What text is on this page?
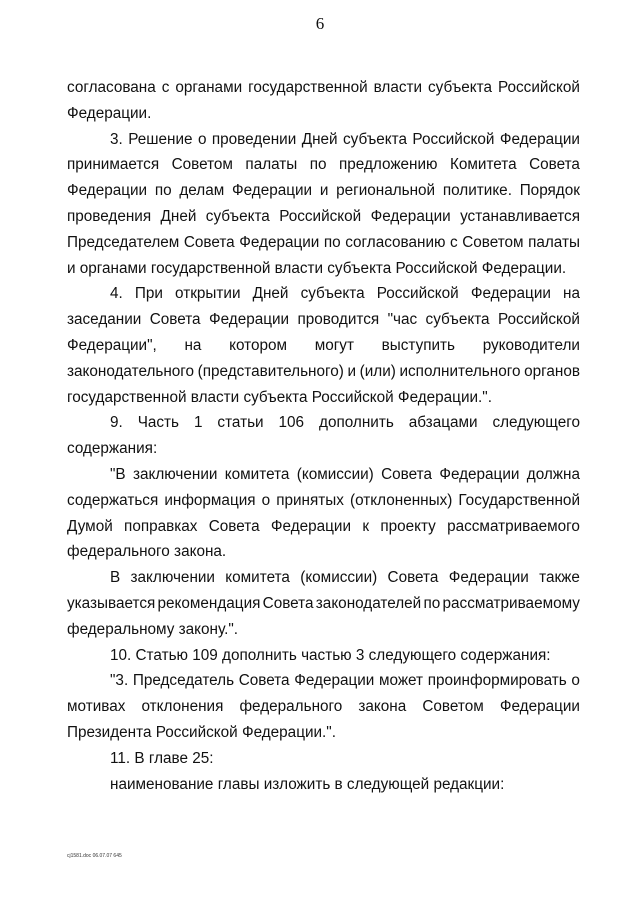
6
согласована с органами государственной власти субъекта Российской
Федерации.
3. Решение о проведении Дней субъекта Российской Федерации
принимается Советом палаты по предложению Комитета Совета
Федерации по делам Федерации и региональной политике. Порядок
проведения Дней субъекта Российской Федерации устанавливается
Председателем Совета Федерации по согласованию с Советом палаты
и органами государственной власти субъекта Российской Федерации.
4. При открытии Дней субъекта Российской Федерации на
заседании Совета Федерации проводится "час субъекта Российской
Федерации", на котором могут выступить руководители
законодательного (представительного) и (или) исполнительного органов
государственной власти субъекта Российской Федерации.".
9. Часть 1 статьи 106 дополнить абзацами следующего
содержания:
"В заключении комитета (комиссии) Совета Федерации должна
содержаться информация о принятых (отклоненных) Государственной
Думой поправках Совета Федерации к проекту рассматриваемого
федерального закона.
В заключении комитета (комиссии) Совета Федерации также
указывается рекомендация Совета законодателей по рассматриваемому
федеральному закону.".
10. Статью 109 дополнить частью 3 следующего содержания:
"3. Председатель Совета Федерации может проинформировать о
мотивах отклонения федерального закона Советом Федерации
Президента Российской Федерации.".
11. В главе 25:
наименование главы изложить в следующей редакции:
cj1581.doc 06.07.07 645
